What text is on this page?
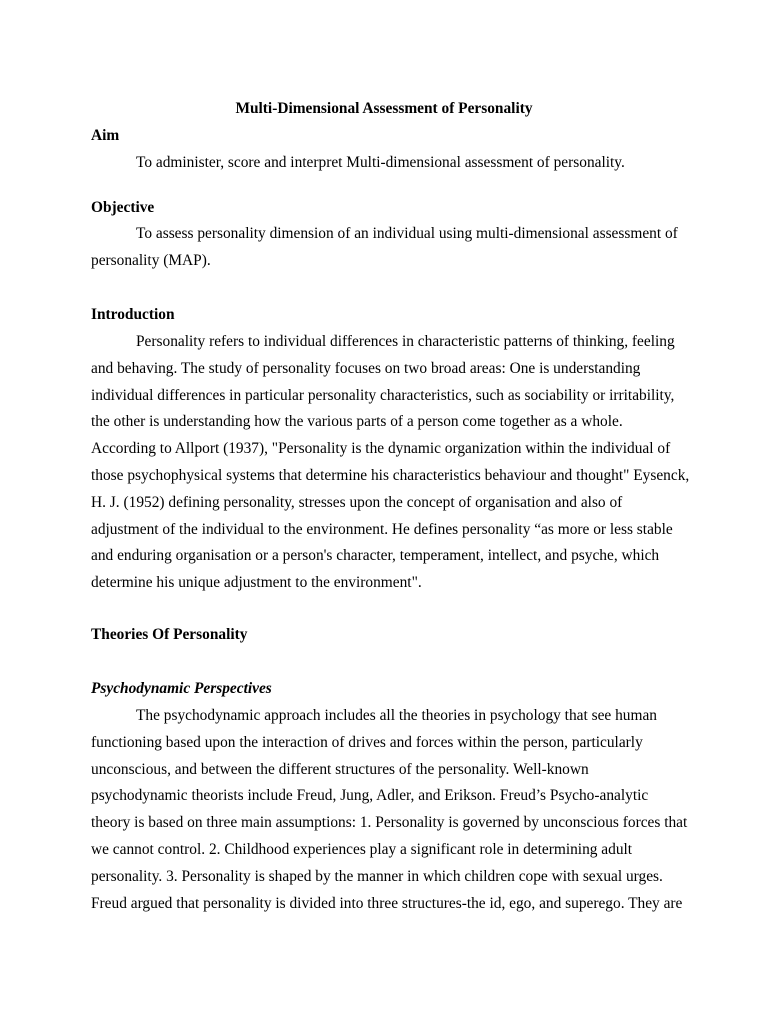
Multi-Dimensional Assessment of Personality
Aim
To administer, score and interpret Multi-dimensional assessment of personality.
Objective
To assess personality dimension of an individual using multi-dimensional assessment of
personality (MAP).
Introduction
Personality refers to individual differences in characteristic patterns of thinking, feeling
and behaving. The study of personality focuses on two broad areas: One is understanding
individual differences in particular personality characteristics, such as sociability or irritability,
the other is understanding how the various parts of a person come together as a whole.
According to Allport (1937), "Personality is the dynamic organization within the individual of
those psychophysical systems that determine his characteristics behaviour and thought" Eysenck,
H. J. (1952) defining personality, stresses upon the concept of organisation and also of
adjustment of the individual to the environment. He defines personality “as more or less stable
and enduring organisation or a person's character, temperament, intellect, and psyche, which
determine his unique adjustment to the environment".
Theories Of Personality
Psychodynamic Perspectives
The psychodynamic approach includes all the theories in psychology that see human
functioning based upon the interaction of drives and forces within the person, particularly
unconscious, and between the different structures of the personality. Well-known
psychodynamic theorists include Freud, Jung, Adler, and Erikson. Freud’s Psycho-analytic
theory is based on three main assumptions: 1. Personality is governed by unconscious forces that
we cannot control. 2. Childhood experiences play a significant role in determining adult
personality. 3. Personality is shaped by the manner in which children cope with sexual urges.
Freud argued that personality is divided into three structures-the id, ego, and superego. They are
